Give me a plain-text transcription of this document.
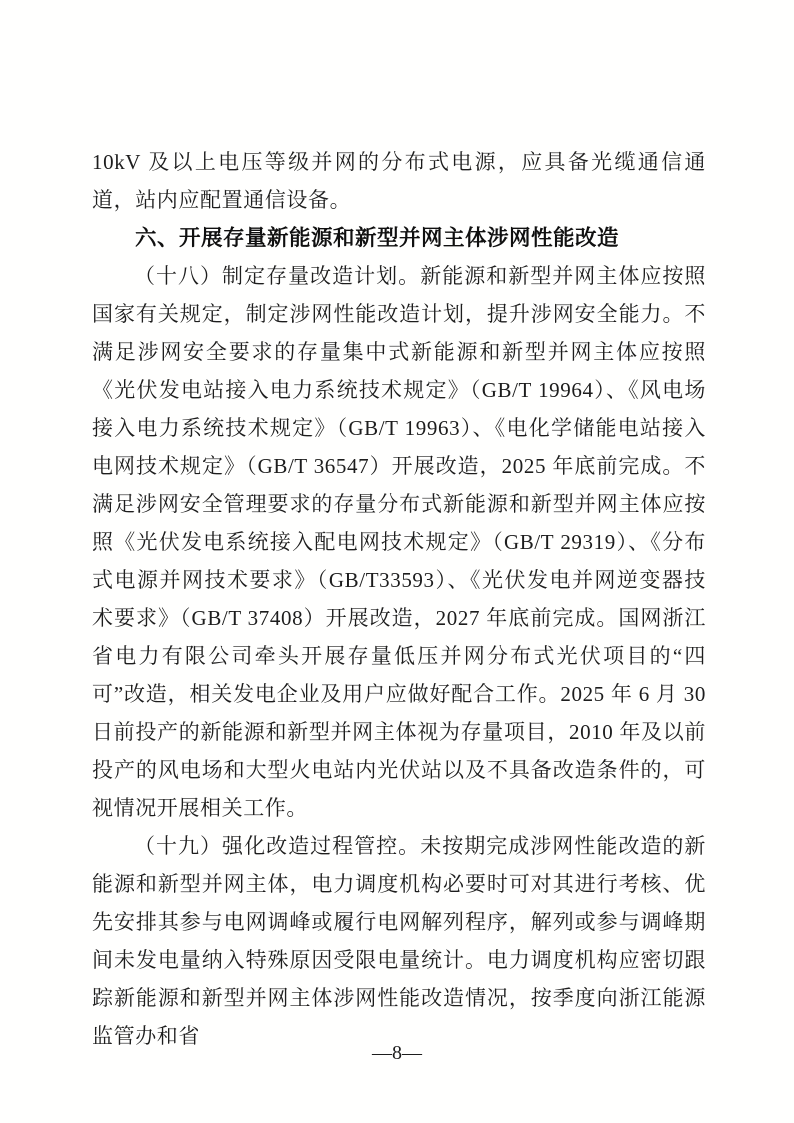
10kV 及以上电压等级并网的分布式电源，应具备光缆通信通道，站内应配置通信设备。

六、开展存量新能源和新型并网主体涉网性能改造

（十八）制定存量改造计划。新能源和新型并网主体应按照国家有关规定，制定涉网性能改造计划，提升涉网安全能力。不满足涉网安全要求的存量集中式新能源和新型并网主体应按照《光伏发电站接入电力系统技术规定》（GB/T 19964）、《风电场接入电力系统技术规定》（GB/T 19963）、《电化学储能电站接入电网技术规定》（GB/T 36547）开展改造，2025 年底前完成。不满足涉网安全管理要求的存量分布式新能源和新型并网主体应按照《光伏发电系统接入配电网技术规定》（GB/T 29319）、《分布式电源并网技术要求》（GB/T33593）、《光伏发电并网逆变器技术要求》（GB/T 37408）开展改造，2027 年底前完成。国网浙江省电力有限公司牵头开展存量低压并网分布式光伏项目的“四可”改造，相关发电企业及用户应做好配合工作。2025 年 6 月 30 日前投产的新能源和新型并网主体视为存量项目，2010 年及以前投产的风电场和大型火电站内光伏站以及不具备改造条件的，可视情况开展相关工作。

（十九）强化改造过程管控。未按期完成涉网性能改造的新能源和新型并网主体，电力调度机构必要时可对其进行考核、优先安排其参与电网调峰或履行电网解列程序，解列或参与调峰期间未发电量纳入特殊原因受限电量统计。电力调度机构应密切跟踪新能源和新型并网主体涉网性能改造情况，按季度向浙江能源监管办和省

—8—
